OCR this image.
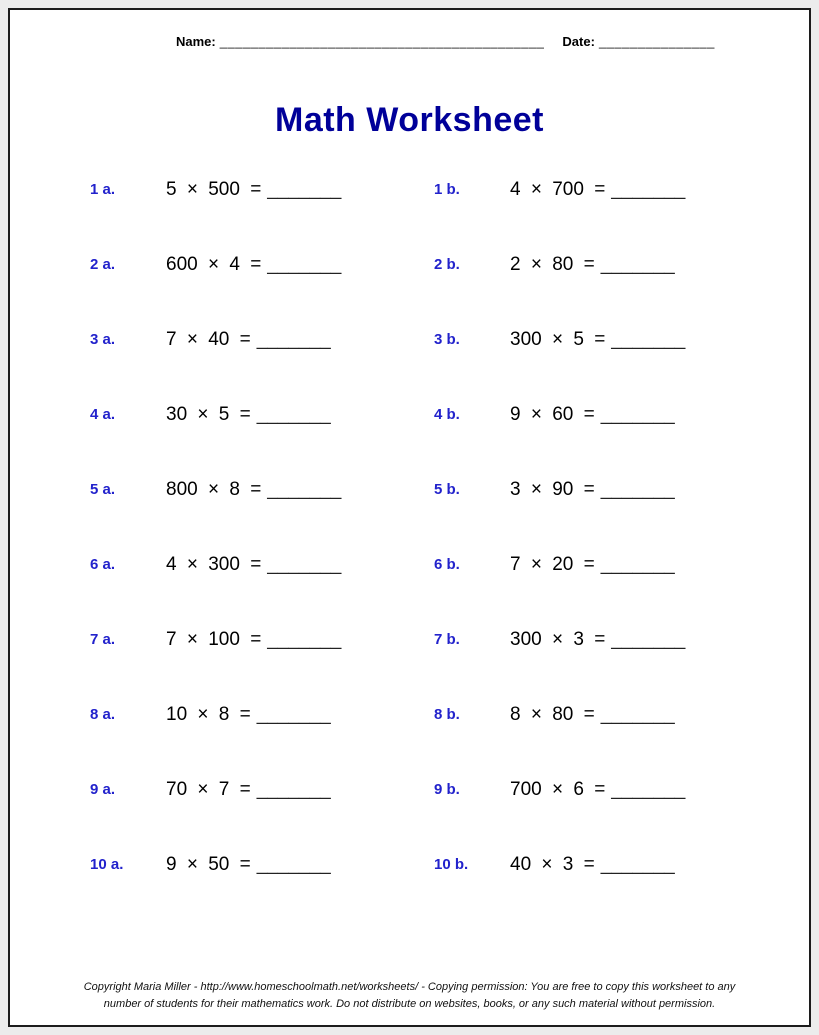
Name: __________________________________________ Date: _______________
Math Worksheet
1 a.	5 × 500 = _______	1 b.	4 × 700 = _______
2 a.	600 × 4 = _______	2 b.	2 × 80 = _______
3 a.	7 × 40 = _______	3 b.	300 × 5 = _______
4 a.	30 × 5 = _______	4 b.	9 × 60 = _______
5 a.	800 × 8 = _______	5 b.	3 × 90 = _______
6 a.	4 × 300 = _______	6 b.	7 × 20 = _______
7 a.	7 × 100 = _______	7 b.	300 × 3 = _______
8 a.	10 × 8 = _______	8 b.	8 × 80 = _______
9 a.	70 × 7 = _______	9 b.	700 × 6 = _______
10 a.	9 × 50 = _______	10 b.	40 × 3 = _______
Copyright Maria Miller - http://www.homeschoolmath.net/worksheets/ - Copying permission: You are free to copy this worksheet to any
number of students for their mathematics work. Do not distribute on websites, books, or any such material without permission.
